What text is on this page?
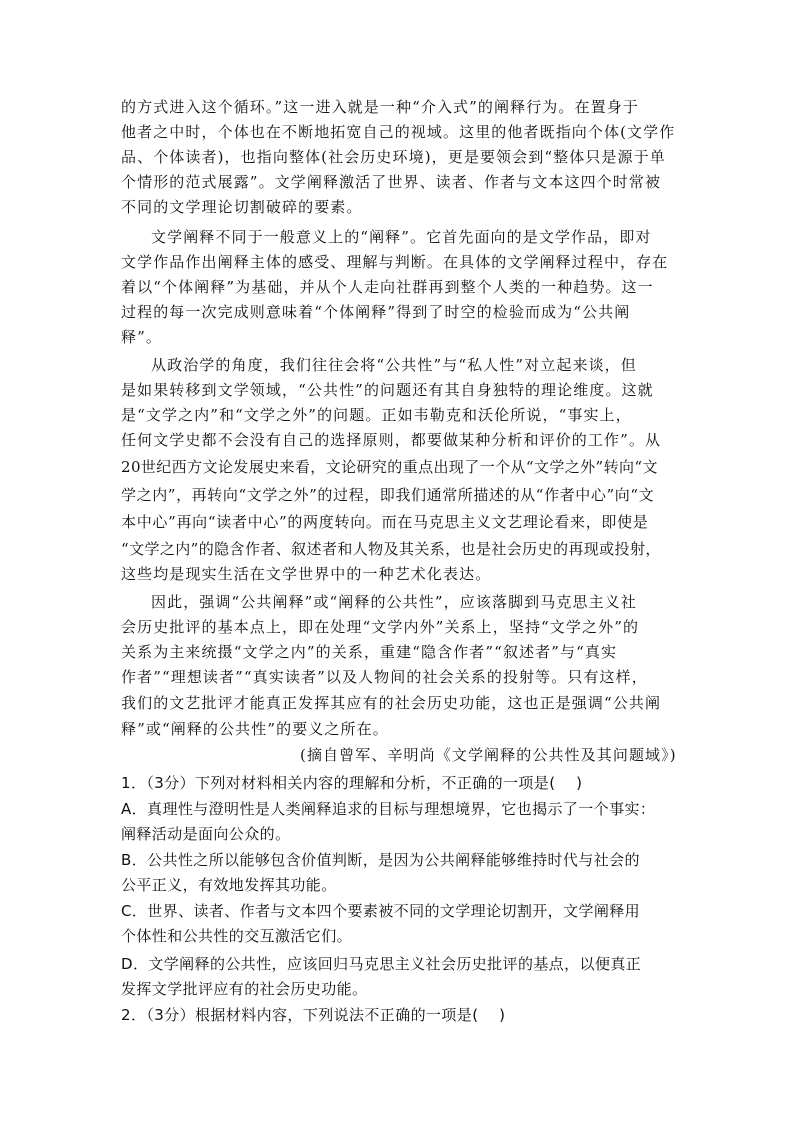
的方式进入这个循环。”这一进入就是一种“介入式”的阐释行为。在置身于
他者之中时，个体也在不断地拓宽自己的视域。这里的他者既指向个体(文学作
品、个体读者)，也指向整体(社会历史环境)，更是要领会到“整体只是源于单
个情形的范式展露”。文学阐释激活了世界、读者、作者与文本这四个时常被
不同的文学理论切割破碎的要素。
文学阐释不同于一般意义上的“阐释”。它首先面向的是文学作品，即对
文学作品作出阐释主体的感受、理解与判断。在具体的文学阐释过程中，存在
着以“个体阐释”为基础，并从个人走向社群再到整个人类的一种趋势。这一
过程的每一次完成则意味着“个体阐释”得到了时空的检验而成为“公共阐
释”。
从政治学的角度，我们往往会将“公共性”与“私人性”对立起来谈，但
是如果转移到文学领域，“公共性”的问题还有其自身独特的理论维度。这就
是“文学之内”和“文学之外”的问题。正如韦勒克和沃伦所说，“事实上，
任何文学史都不会没有自己的选择原则，都要做某种分析和评价的工作”。从
20世纪西方文论发展史来看，文论研究的重点出现了一个从“文学之外”转向“文
学之内”，再转向“文学之外”的过程，即我们通常所描述的从“作者中心”向“文
本中心”再向“读者中心”的两度转向。而在马克思主义文艺理论看来，即使是
“文学之内”的隐含作者、叙述者和人物及其关系，也是社会历史的再现或投射，
这些均是现实生活在文学世界中的一种艺术化表达。
因此，强调“公共阐释”或“阐释的公共性”，应该落脚到马克思主义社
会历史批评的基本点上，即在处理“文学内外”关系上，坚持“文学之外”的
关系为主来统摄“文学之内”的关系，重建“隐含作者”“叙述者”与“真实
作者”“理想读者”“真实读者”以及人物间的社会关系的投射等。只有这样，
我们的文艺批评才能真正发挥其应有的社会历史功能，这也正是强调“公共阐
释”或“阐释的公共性”的要义之所在。
(摘自曾军、辛明尚《文学阐释的公共性及其问题域》)
1．（3分）下列对材料相关内容的理解和分析，不正确的一项是(    )
A．真理性与澄明性是人类阐释追求的目标与理想境界，它也揭示了一个事实：
阐释活动是面向公众的。
B．公共性之所以能够包含价值判断，是因为公共阐释能够维持时代与社会的
公平正义，有效地发挥其功能。
C．世界、读者、作者与文本四个要素被不同的文学理论切割开，文学阐释用
个体性和公共性的交互激活它们。
D．文学阐释的公共性，应该回归马克思主义社会历史批评的基点，以便真正
发挥文学批评应有的社会历史功能。
2．（3分）根据材料内容，下列说法不正确的一项是(    )
